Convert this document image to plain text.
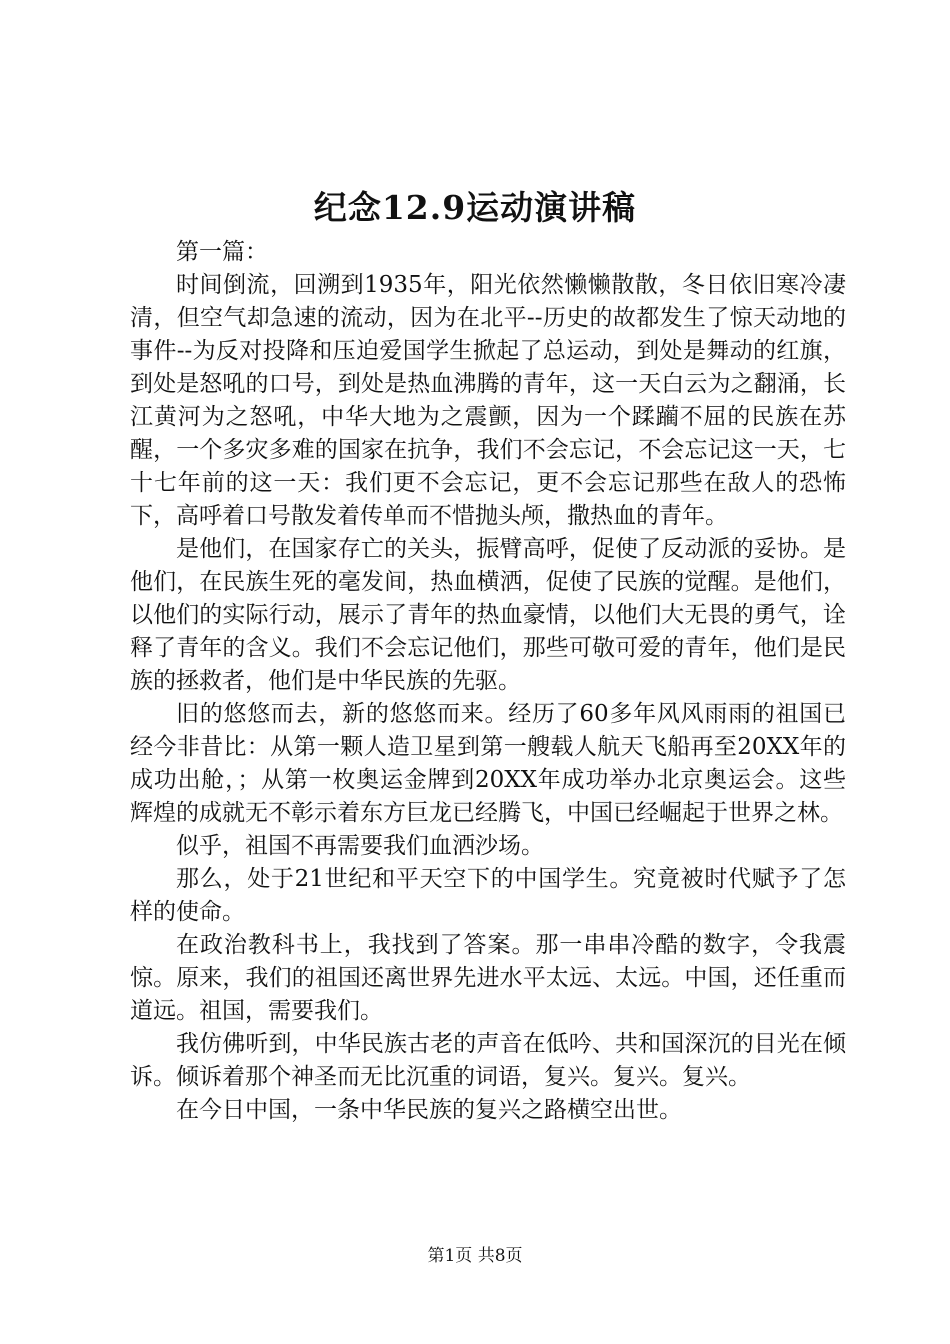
纪念12.9运动演讲稿

第一篇：

时间倒流，回溯到1935年，阳光依然懒懒散散，冬日依旧寒冷凄清，但空气却急速的流动，因为在北平--历史的故都发生了惊天动地的事件--为反对投降和压迫爱国学生掀起了总运动，到处是舞动的红旗，到处是怒吼的口号，到处是热血沸腾的青年，这一天白云为之翻涌，长江黄河为之怒吼，中华大地为之震颤，因为一个蹂躏不屈的民族在苏醒，一个多灾多难的国家在抗争，我们不会忘记，不会忘记这一天，七十七年前的这一天：我们更不会忘记，更不会忘记那些在敌人的恐怖下，高呼着口号散发着传单而不惜抛头颅，撒热血的青年。

是他们，在国家存亡的关头，振臂高呼，促使了反动派的妥协。是他们，在民族生死的毫发间，热血横洒，促使了民族的觉醒。是他们，以他们的实际行动，展示了青年的热血豪情，以他们大无畏的勇气，诠释了青年的含义。我们不会忘记他们，那些可敬可爱的青年，他们是民族的拯救者，他们是中华民族的先驱。

旧的悠悠而去，新的悠悠而来。经历了60多年风风雨雨的祖国已经今非昔比：从第一颗人造卫星到第一艘载人航天飞船再至20XX年的成功出舱，；从第一枚奥运金牌到20XX年成功举办北京奥运会。这些辉煌的成就无不彰示着东方巨龙已经腾飞，中国已经崛起于世界之林。

似乎，祖国不再需要我们血洒沙场。

那么，处于21世纪和平天空下的中国学生。究竟被时代赋予了怎样的使命。

在政治教科书上，我找到了答案。那一串串冷酷的数字，令我震惊。原来，我们的祖国还离世界先进水平太远、太远。中国，还任重而道远。祖国，需要我们。

我仿佛听到，中华民族古老的声音在低吟、共和国深沉的目光在倾诉。倾诉着那个神圣而无比沉重的词语，复兴。复兴。复兴。

在今日中国，一条中华民族的复兴之路横空出世。

第1页 共8页
